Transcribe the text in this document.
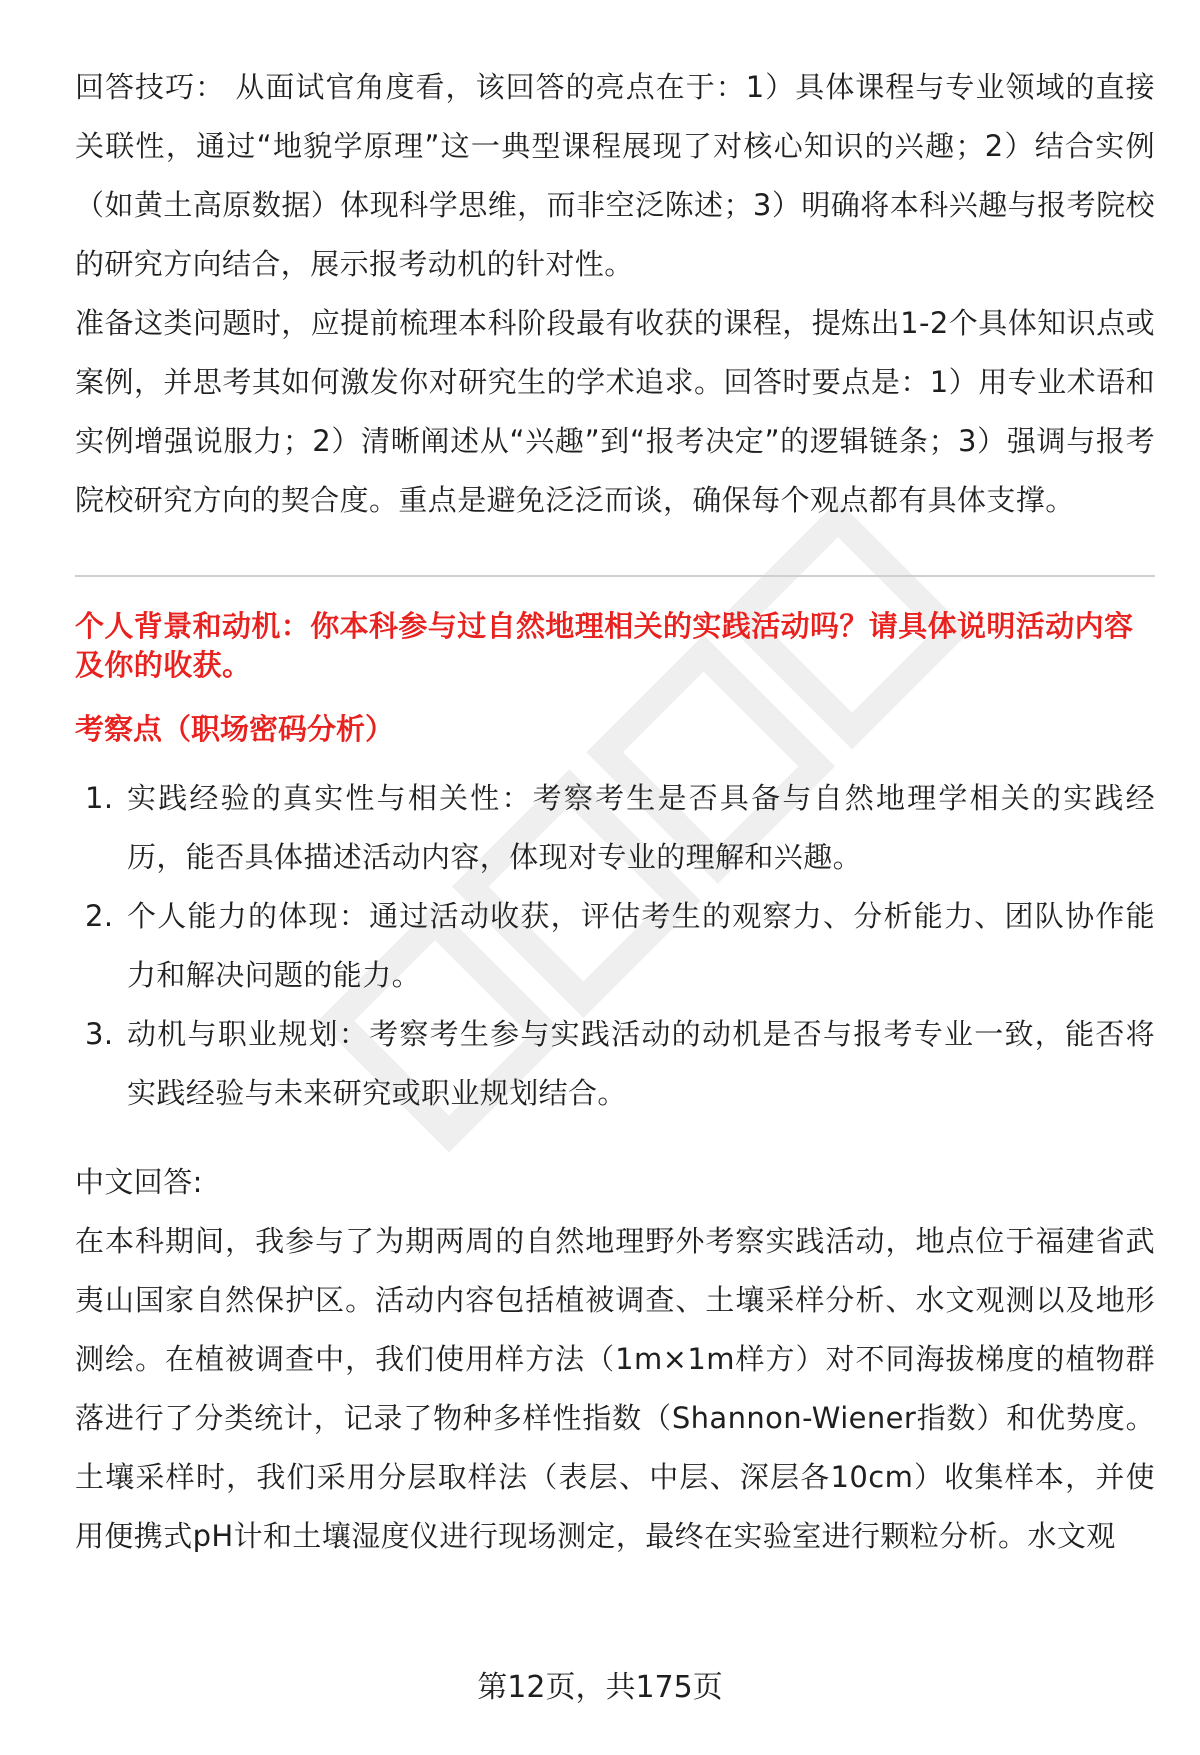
回答技巧： 从面试官角度看，该回答的亮点在于：1）具体课程与专业领域的直接关联性，通过“地貌学原理”这一典型课程展现了对核心知识的兴趣；2）结合实例（如黄土高原数据）体现科学思维，而非空泛陈述；3）明确将本科兴趣与报考院校的研究方向结合，展示报考动机的针对性。

准备这类问题时，应提前梳理本科阶段最有收获的课程，提炼出1-2个具体知识点或案例，并思考其如何激发你对研究生的学术追求。回答时要点是：1）用专业术语和实例增强说服力；2）清晰阐述从“兴趣”到“报考决定”的逻辑链条；3）强调与报考院校研究方向的契合度。重点是避免泛泛而谈，确保每个观点都有具体支撑。

个人背景和动机：你本科参与过自然地理相关的实践活动吗？请具体说明活动内容及你的收获。
考察点（职场密码分析）
1. 实践经验的真实性与相关性：考察考生是否具备与自然地理学相关的实践经历，能否具体描述活动内容，体现对专业的理解和兴趣。
2. 个人能力的体现：通过活动收获，评估考生的观察力、分析能力、团队协作能力和解决问题的能力。
3. 动机与职业规划：考察考生参与实践活动的动机是否与报考专业一致，能否将实践经验与未来研究或职业规划结合。

中文回答:

在本科期间，我参与了为期两周的自然地理野外考察实践活动，地点位于福建省武夷山国家自然保护区。活动内容包括植被调查、土壤采样分析、水文观测以及地形测绘。在植被调查中，我们使用样方法（1m×1m样方）对不同海拔梯度的植物群落进行了分类统计，记录了物种多样性指数（Shannon-Wiener指数）和优势度。土壤采样时，我们采用分层取样法（表层、中层、深层各10cm）收集样本，并使用便携式pH计和土壤湿度仪进行现场测定，最终在实验室进行颗粒分析。水文观

第12页，共175页
